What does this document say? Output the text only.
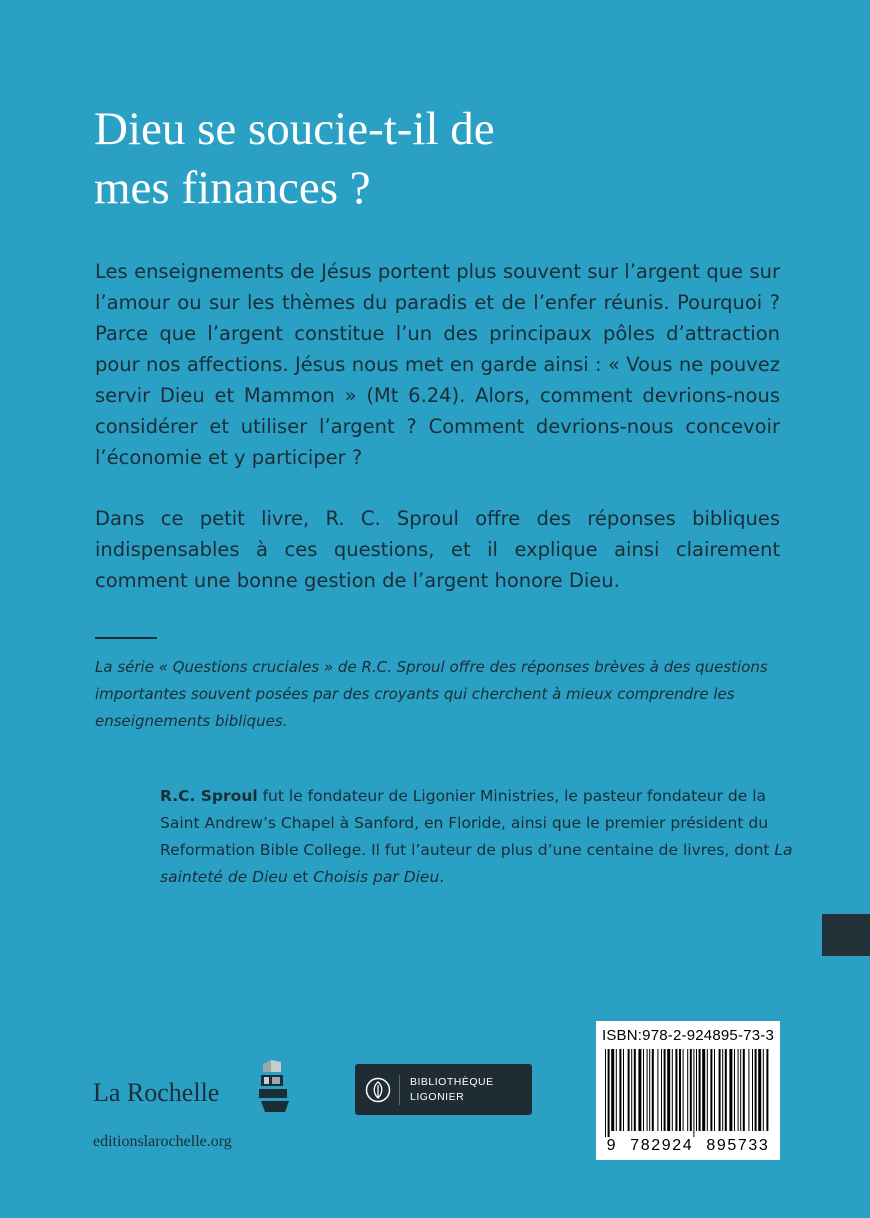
Dieu se soucie-t-il de
mes finances ?

Les enseignements de Jésus portent plus souvent sur l’argent que sur l’amour ou sur les thèmes du paradis et de l’enfer réunis. Pourquoi ? Parce que l’argent constitue l’un des principaux pôles d’attraction pour nos affections. Jésus nous met en garde ainsi : « Vous ne pouvez servir Dieu et Mammon » (Mt 6.24). Alors, comment devrions-nous considérer et utiliser l’argent ? Comment devrions-nous concevoir l’économie et y participer ?

Dans ce petit livre, R. C. Sproul offre des réponses bibliques indispensables à ces questions, et il explique ainsi clairement comment une bonne gestion de l’argent honore Dieu.

La série « Questions cruciales » de R.C. Sproul offre des réponses brèves à des questions importantes souvent posées par des croyants qui cherchent à mieux comprendre les enseignements bibliques.

R.C. Sproul fut le fondateur de Ligonier Ministries, le pasteur fondateur de la Saint Andrew’s Chapel à Sanford, en Floride, ainsi que le premier président du Reformation Bible College. Il fut l’auteur de plus d’une centaine de livres, dont La sainteté de Dieu et Choisis par Dieu.

La Rochelle
editionslarochelle.org
BIBLIOTHÈQUE
LIGONIER
ISBN:978-2-924895-73-3
9 782924 895733
